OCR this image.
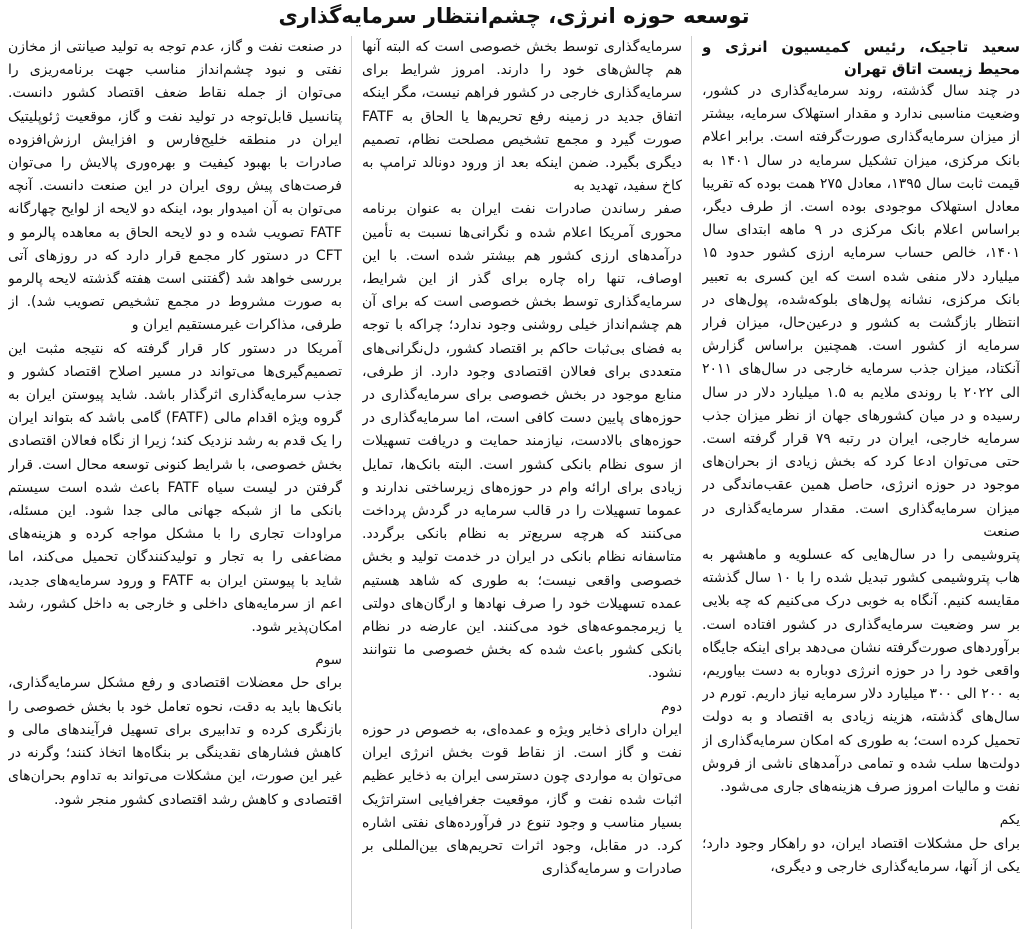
توسعه حوزه انرژی، چشم‌انتظار سرمایه‌گذاری

سعید تاجیک، رئیس کمیسیون انرژی و محیط زیست اتاق تهران

در چند سال گذشته، روند سرمایه‌گذاری در کشور، وضعیت مناسبی ندارد و مقدار استهلاک سرمایه، بیشتر از میزان سرمایه‌گذاری صورت‌گرفته است. برابر اعلام بانک مرکزی، میزان تشکیل سرمایه در سال ۱۴۰۱ به قیمت ثابت سال ۱۳۹۵، معادل ۲۷۵ همت بوده که تقریبا معادل استهلاک موجودی بوده است. از طرف دیگر، براساس اعلام بانک مرکزی در ۹ ماهه ابتدای سال ۱۴۰۱، خالص حساب سرمایه ارزی کشور حدود ۱۵ میلیارد دلار منفی شده است که این کسری به تعبیر بانک مرکزی، نشانه پول‌های بلوکه‌شده، پول‌های در انتظار بازگشت به کشور و درعین‌حال، میزان فرار سرمایه از کشور است. همچنین براساس گزارش آنکتاد، میزان جذب سرمایه خارجی در سال‌های ۲۰۱۱ الی ۲۰۲۲ با روندی ملایم به ۱.۵ میلیارد دلار در سال رسیده و در میان کشورهای جهان از نظر میزان جذب سرمایه خارجی، ایران در رتبه ۷۹ قرار گرفته است. حتی می‌توان ادعا کرد که بخش زیادی از بحران‌های موجود در حوزه انرژی، حاصل همین عقب‌ماندگی در میزان سرمایه‌گذاری است. مقدار سرمایه‌گذاری در صنعت

پتروشیمی را در سال‌هایی که عسلویه و ماهشهر به هاب پتروشیمی کشور تبدیل شده را با ۱۰ سال گذشته مقایسه کنیم. آنگاه به خوبی درک می‌کنیم که چه بلایی بر سر وضعیت سرمایه‌گذاری در کشور افتاده است. برآوردهای صورت‌گرفته نشان می‌دهد برای اینکه جایگاه واقعی خود را در حوزه انرژی دوباره به دست بیاوریم، به ۲۰۰ الی ۳۰۰ میلیارد دلار سرمایه نیاز داریم. تورم در سال‌های گذشته، هزینه زیادی به اقتصاد و به دولت تحمیل کرده است؛ به طوری که امکان سرمایه‌گذاری از دولت‌ها سلب شده و تمامی درآمدهای ناشی از فروش نفت و مالیات امروز صرف هزینه‌های جاری می‌شود.

یکم

برای حل مشکلات اقتصاد ایران، دو راهکار وجود دارد؛ یکی از آنها، سرمایه‌گذاری خارجی و دیگری،

سرمایه‌گذاری توسط بخش خصوصی است که البته آنها هم چالش‌های خود را دارند. امروز شرایط برای سرمایه‌گذاری خارجی در کشور فراهم نیست، مگر اینکه اتفاق جدید در زمینه رفع تحریم‌ها یا الحاق به FATF صورت گیرد و مجمع تشخیص مصلحت نظام، تصمیم دیگری بگیرد. ضمن اینکه بعد از ورود دونالد ترامپ به کاخ سفید، تهدید به

صفر رساندن صادرات نفت ایران به عنوان برنامه محوری آمریکا اعلام شده و نگرانی‌ها نسبت به تأمین درآمدهای ارزی کشور هم بیشتر شده است. با این اوصاف، تنها راه چاره برای گذر از این شرایط، سرمایه‌گذاری توسط بخش خصوصی است که برای آن هم چشم‌انداز خیلی روشنی وجود ندارد؛ چراکه با توجه به فضای بی‌ثبات حاکم بر اقتصاد کشور، دل‌نگرانی‌های متعددی برای فعالان اقتصادی وجود دارد. از طرفی، منابع موجود در بخش خصوصی برای سرمایه‌گذاری در حوزه‌های پایین دست کافی است، اما سرمایه‌گذاری در حوزه‌های بالادست، نیازمند حمایت و دریافت تسهیلات از سوی نظام بانکی کشور است. البته بانک‌ها، تمایل زیادی برای ارائه وام در حوزه‌های زیرساختی ندارند و عموما تسهیلات را در قالب سرمایه در گردش پرداخت می‌کنند که هرچه سریع‌تر به نظام بانکی برگردد. متاسفانه نظام بانکی در ایران در خدمت تولید و بخش خصوصی واقعی نیست؛ به طوری که شاهد هستیم عمده تسهیلات خود را صرف نهادها و ارگان‌های دولتی یا زیرمجموعه‌های خود می‌کنند. این عارضه در نظام بانکی کشور باعث شده که بخش خصوصی ما نتوانند نشود.

دوم

ایران دارای ذخایر ویژه و عمده‌ای، به خصوص در حوزه نفت و گاز است. از نقاط قوت بخش انرژی ایران می‌توان به مواردی چون دسترسی ایران به ذخایر عظیم اثبات شده نفت و گاز، موقعیت جغرافیایی استراتژیک بسیار مناسب و وجود تنوع در فرآورده‌های نفتی اشاره کرد. در مقابل، وجود اثرات تحریم‌های بین‌المللی بر صادرات و سرمایه‌گذاری

در صنعت نفت و گاز، عدم توجه به تولید صیانتی از مخازن نفتی و نبود چشم‌انداز مناسب جهت برنامه‌ریزی را می‌توان از جمله نقاط ضعف اقتصاد کشور دانست. پتانسیل قابل‌توجه در تولید نفت و گاز، موقعیت ژئوپلیتیک ایران در منطقه خلیج‌فارس و افزایش ارزش‌افزوده صادرات با بهبود کیفیت و بهره‌وری پالایش را می‌توان فرصت‌های پیش روی ایران در این صنعت دانست. آنچه می‌توان به آن امیدوار بود، اینکه دو لایحه از لوایح چهارگانه FATF تصویب شده و دو لایحه الحاق به معاهده پالرمو و CFT در دستور کار مجمع قرار دارد که در روزهای آتی بررسی خواهد شد (گفتنی است هفته گذشته لایحه پالرمو به صورت مشروط در مجمع تشخیص تصویب شد). از طرفی، مذاکرات غیرمستقیم ایران و

آمریکا در دستور کار قرار گرفته که نتیجه مثبت این تصمیم‌گیری‌ها می‌تواند در مسیر اصلاح اقتصاد کشور و جذب سرمایه‌گذاری اثرگذار باشد. شاید پیوستن ایران به گروه ویژه اقدام مالی (FATF) گامی باشد که بتواند ایران را یک قدم به رشد نزدیک کند؛ زیرا از نگاه فعالان اقتصادی بخش خصوصی، با شرایط کنونی توسعه محال است. قرار گرفتن در لیست سیاه FATF باعث شده است سیستم بانکی ما از شبکه جهانی مالی جدا شود. این مسئله، مراودات تجاری را با مشکل مواجه کرده و هزینه‌های مضاعفی را به تجار و تولیدکنندگان تحمیل می‌کند، اما شاید با پیوستن ایران به FATF و ورود سرمایه‌های جدید، اعم از سرمایه‌های داخلی و خارجی به داخل کشور، رشد امکان‌پذیر شود.

سوم

برای حل معضلات اقتصادی و رفع مشکل سرمایه‌گذاری، بانک‌ها باید به دقت، نحوه تعامل خود با بخش خصوصی را بازنگری کرده و تدابیری برای تسهیل فرآیندهای مالی و کاهش فشارهای نقدینگی بر بنگاه‌ها اتخاذ کنند؛ وگرنه در غیر این صورت، این مشکلات می‌تواند به تداوم بحران‌های اقتصادی و کاهش رشد اقتصادی کشور منجر شود.
